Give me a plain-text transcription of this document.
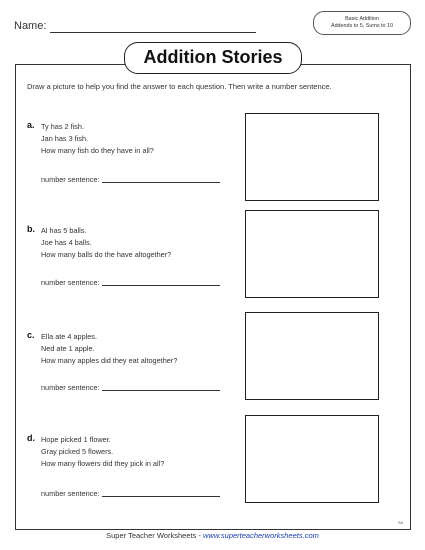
Name:
Basic Addition
Addends to 5, Sums to 10
Addition Stories
Draw a picture to help you find the answer to each question. Then write a number sentence.
a. Ty has 2 fish.
Jan has 3 fish.
How many fish do they have in all?
number sentence:
b. Al has 5 balls.
Joe has 4 balls.
How many balls do the have altogether?
number sentence:
c. Ella ate 4 apples.
Ned ate 1 apple.
How many apples did they eat altogether?
number sentence:
d. Hope picked 1 flower.
Gray picked 5 flowers.
How many flowers did they pick in all?
number sentence:
S5
Super Teacher Worksheets - www.superteacherworksheets.com
